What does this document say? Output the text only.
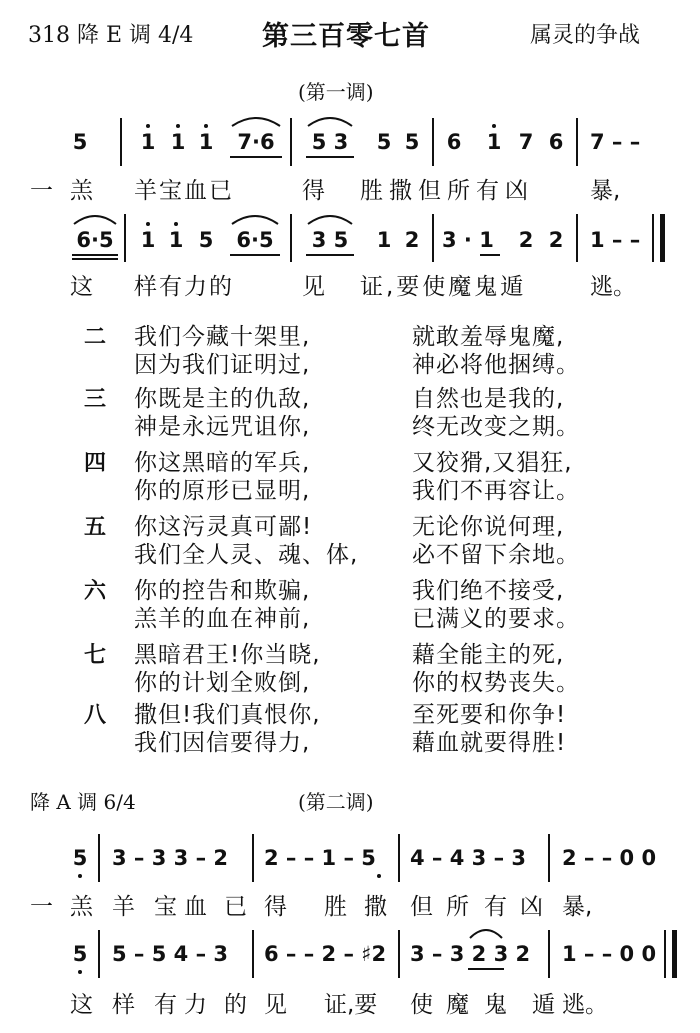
318 降 E 调 4/4	第三百零七首	属灵的争战
(第一调)
5	1 1 1	7·6	5 3	5 5 6 1 7 6 7 – –
一 羔 羊宝血已	得 胜撒但所有凶 暴,
6·5	1 1 5	6·5	3 5	1 2 3 · 1	2 2 1 – –
这 样有力的	见 证,要使魔鬼遁	逃。
二 我们今藏十架里,
因为我们证明过,
就敢羞辱鬼魔,
神必将他捆缚。
三 你既是主的仇敌,
神是永远咒诅你,
自然也是我的,
终无改变之期。
四 你这黑暗的军兵,
你的原形已显明,
又狡猾,又猖狂,
我们不再容让。
五 你这污灵真可鄙!
我们全人灵、魂、体,
无论你说何理,
必不留下余地。
六 你的控告和欺骗,
羔羊的血在神前,
我们绝不接受,
已满义的要求。
七 黑暗君王!你当晓,
你的计划全败倒,
藉全能主的死,
你的权势丧失。
八 撒但!我们真恨你,
我们因信要得力,
至死要和你争!
藉血就要得胜!
降 A 调 6/4	(第二调)
5 3 – 3 3 – 2	2 – – 1 – 5	4 – 4 3 – 3	2 – – 0 0
一 羔 羊 宝 血 已 得 胜 撒 但 所 有 凶 暴,
5 5 – 5 4 – 3	6 – – 2 – ♯2	3 – 3 2 3 2	1 – – 0 0
这 样 有 力 的 见 证,要 使 魔 鬼 遁 逃。
